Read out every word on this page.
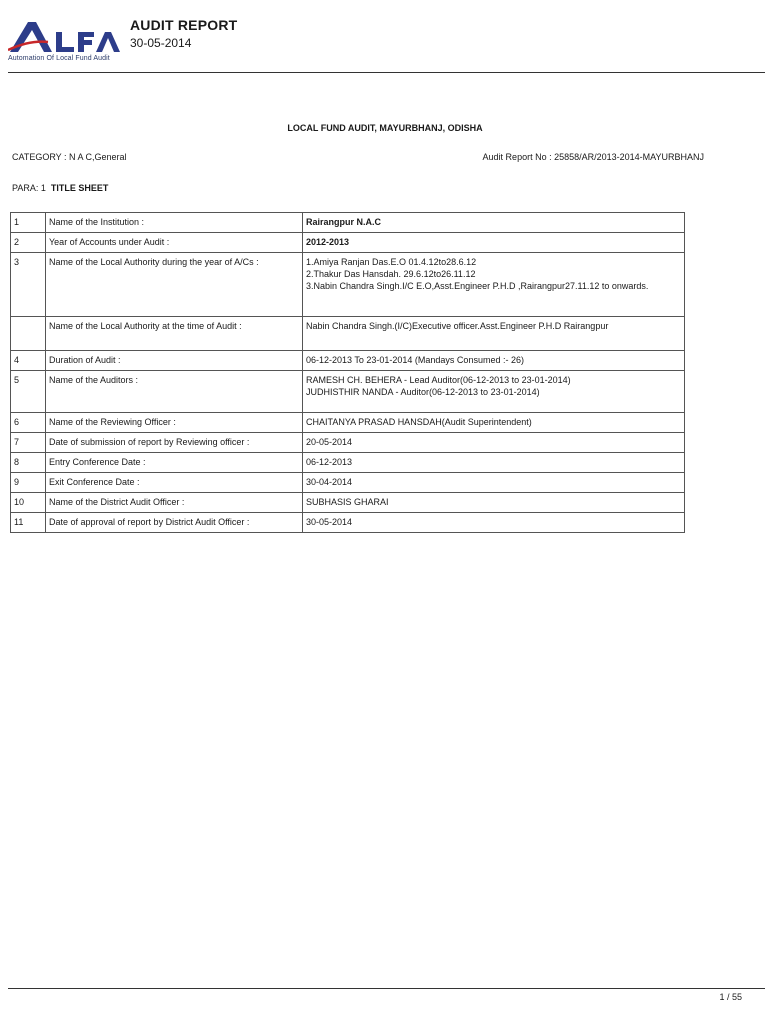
Automation Of Local Fund Audit
AUDIT REPORT
30-05-2014
LOCAL FUND AUDIT, MAYURBHANJ, ODISHA
CATEGORY : N A C,General	Audit Report No : 25858/AR/2013-2014-MAYURBHANJ
PARA: 1 TITLE SHEET
1	Name of the Institution :	Rairangpur N.A.C
2	Year of Accounts under Audit :	2012-2013
3	Name of the Local Authority during the year of A/Cs :	1.Amiya Ranjan Das.E.O 01.4.12to28.6.12
2.Thakur Das Hansdah. 29.6.12to26.11.12
3.Nabin Chandra Singh.I/C E.O,Asst.Engineer P.H.D ,Rairangpur27.11.12 to onwards.
	Name of the Local Authority at the time of Audit :	Nabin Chandra Singh.(I/C)Executive officer.Asst.Engineer P.H.D Rairangpur
4	Duration of Audit :	06-12-2013 To 23-01-2014 (Mandays Consumed :- 26)
5	Name of the Auditors :	RAMESH CH. BEHERA - Lead Auditor(06-12-2013 to 23-01-2014)
JUDHISTHIR NANDA - Auditor(06-12-2013 to 23-01-2014)
6	Name of the Reviewing Officer :	CHAITANYA PRASAD HANSDAH(Audit Superintendent)
7	Date of submission of report by Reviewing officer :	20-05-2014
8	Entry Conference Date :	06-12-2013
9	Exit Conference Date :	30-04-2014
10	Name of the District Audit Officer :	SUBHASIS GHARAI
11	Date of approval of report by District Audit Officer :	30-05-2014
1 / 55
